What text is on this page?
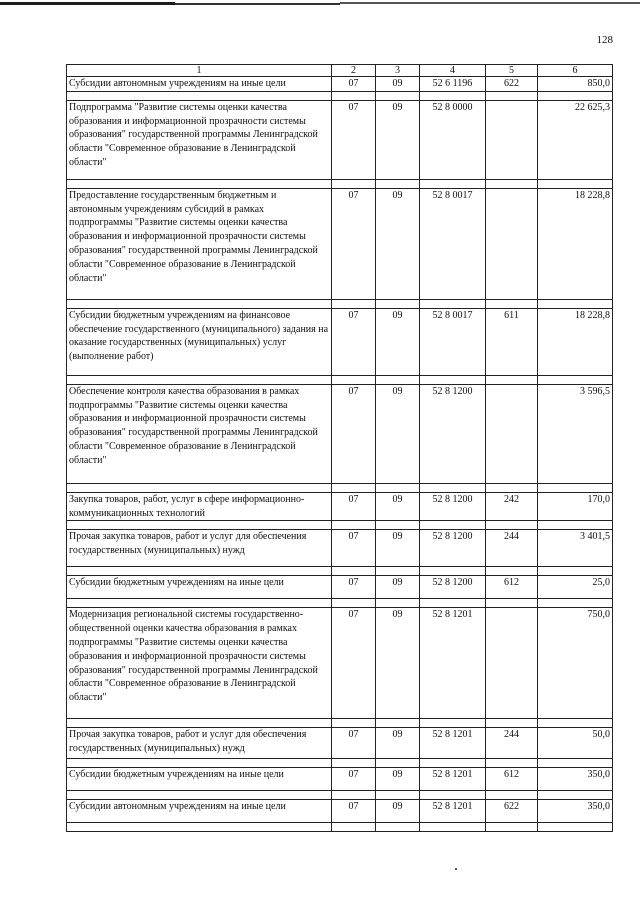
128
1	2	3	4	5	6
Субсидии автономным учреждениям на иные цели	07	09	52 6 1196	622	850,0

Подпрограмма "Развитие системы оценки качества образования и информационной прозрачности системы образования" государственной программы Ленинградской области "Современное образование в Ленинградской области"	07	09	52 8 0000		22 625,3

Предоставление государственным бюджетным и автономным учреждениям субсидий в рамках подпрограммы "Развитие системы оценки качества образования и информационной прозрачности системы образования" государственной программы Ленинградской области "Современное образование в Ленинградской области"	07	09	52 8 0017		18 228,8

Субсидии бюджетным учреждениям на финансовое обеспечение государственного (муниципального) задания на оказание государственных (муниципальных) услуг (выполнение работ)	07	09	52 8 0017	611	18 228,8

Обеспечение контроля качества образования в рамках подпрограммы "Развитие системы оценки качества образования и информационной прозрачности системы образования" государственной программы Ленинградской области "Современное образование в Ленинградской области"	07	09	52 8 1200		3 596,5

Закупка товаров, работ, услуг в сфере информационно-коммуникационных технологий	07	09	52 8 1200	242	170,0

Прочая закупка товаров, работ и услуг для обеспечения государственных (муниципальных) нужд	07	09	52 8 1200	244	3 401,5

Субсидии бюджетным учреждениям на иные цели	07	09	52 8 1200	612	25,0

Модернизация региональной системы государственно-общественной оценки качества образования в рамках подпрограммы "Развитие системы оценки качества образования и информационной прозрачности системы образования" государственной программы Ленинградской области "Современное образование в Ленинградской области"	07	09	52 8 1201		750,0

Прочая закупка товаров, работ и услуг для обеспечения государственных (муниципальных) нужд	07	09	52 8 1201	244	50,0

Субсидии бюджетным учреждениям на иные цели	07	09	52 8 1201	612	350,0

Субсидии автономным учреждениям на иные цели	07	09	52 8 1201	622	350,0
